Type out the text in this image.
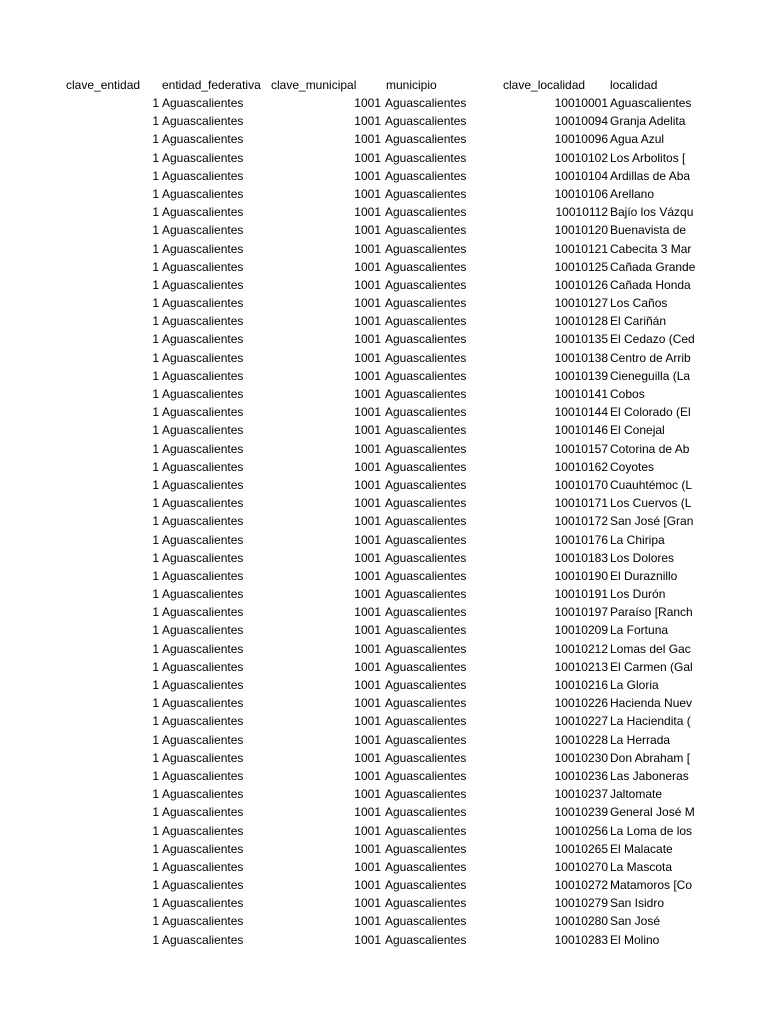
clave_entidad entidad_federativa clave_municipal municipio	clave_localidad localidad
1 Aguascalientes	1001 Aguascalientes	10010001 Aguascalientes
1 Aguascalientes	1001 Aguascalientes	10010094 Granja Adelita
1 Aguascalientes	1001 Aguascalientes	10010096 Agua Azul
1 Aguascalientes	1001 Aguascalientes	10010102 Los Arbolitos [
1 Aguascalientes	1001 Aguascalientes	10010104 Ardillas de Aba
1 Aguascalientes	1001 Aguascalientes	10010106 Arellano
1 Aguascalientes	1001 Aguascalientes	10010112 Bajío los Vázqu
1 Aguascalientes	1001 Aguascalientes	10010120 Buenavista de
1 Aguascalientes	1001 Aguascalientes	10010121 Cabecita 3 Mar
1 Aguascalientes	1001 Aguascalientes	10010125 Cañada Grande
1 Aguascalientes	1001 Aguascalientes	10010126 Cañada Honda
1 Aguascalientes	1001 Aguascalientes	10010127 Los Caños
1 Aguascalientes	1001 Aguascalientes	10010128 El Cariñán
1 Aguascalientes	1001 Aguascalientes	10010135 El Cedazo (Ced
1 Aguascalientes	1001 Aguascalientes	10010138 Centro de Arrib
1 Aguascalientes	1001 Aguascalientes	10010139 Cieneguilla (La
1 Aguascalientes	1001 Aguascalientes	10010141 Cobos
1 Aguascalientes	1001 Aguascalientes	10010144 El Colorado (El
1 Aguascalientes	1001 Aguascalientes	10010146 El Conejal
1 Aguascalientes	1001 Aguascalientes	10010157 Cotorina de Ab
1 Aguascalientes	1001 Aguascalientes	10010162 Coyotes
1 Aguascalientes	1001 Aguascalientes	10010170 Cuauhtémoc (L
1 Aguascalientes	1001 Aguascalientes	10010171 Los Cuervos (L
1 Aguascalientes	1001 Aguascalientes	10010172 San José [Gran
1 Aguascalientes	1001 Aguascalientes	10010176 La Chiripa
1 Aguascalientes	1001 Aguascalientes	10010183 Los Dolores
1 Aguascalientes	1001 Aguascalientes	10010190 El Duraznillo
1 Aguascalientes	1001 Aguascalientes	10010191 Los Durón
1 Aguascalientes	1001 Aguascalientes	10010197 Paraíso [Ranch
1 Aguascalientes	1001 Aguascalientes	10010209 La Fortuna
1 Aguascalientes	1001 Aguascalientes	10010212 Lomas del Gac
1 Aguascalientes	1001 Aguascalientes	10010213 El Carmen (Gal
1 Aguascalientes	1001 Aguascalientes	10010216 La Gloria
1 Aguascalientes	1001 Aguascalientes	10010226 Hacienda Nuev
1 Aguascalientes	1001 Aguascalientes	10010227 La Haciendita (
1 Aguascalientes	1001 Aguascalientes	10010228 La Herrada
1 Aguascalientes	1001 Aguascalientes	10010230 Don Abraham [
1 Aguascalientes	1001 Aguascalientes	10010236 Las Jaboneras
1 Aguascalientes	1001 Aguascalientes	10010237 Jaltomate
1 Aguascalientes	1001 Aguascalientes	10010239 General José M
1 Aguascalientes	1001 Aguascalientes	10010256 La Loma de los
1 Aguascalientes	1001 Aguascalientes	10010265 El Malacate
1 Aguascalientes	1001 Aguascalientes	10010270 La Mascota
1 Aguascalientes	1001 Aguascalientes	10010272 Matamoros [Co
1 Aguascalientes	1001 Aguascalientes	10010279 San Isidro
1 Aguascalientes	1001 Aguascalientes	10010280 San José
1 Aguascalientes	1001 Aguascalientes	10010283 El Molino
